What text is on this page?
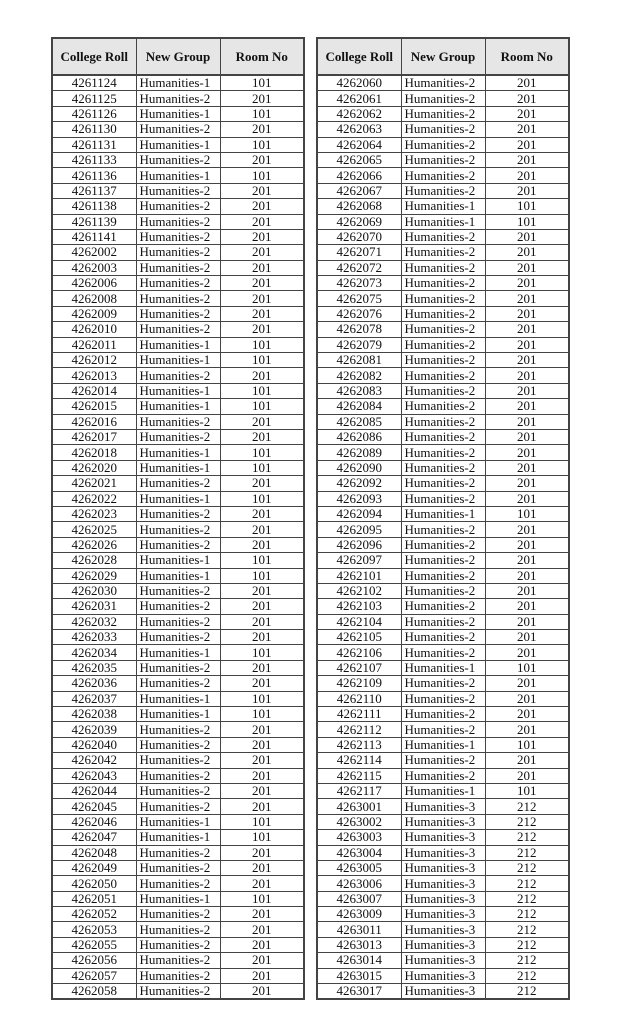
College Roll	New Group	Room No
4261124	Humanities-1	101
4261125	Humanities-2	201
4261126	Humanities-1	101
4261130	Humanities-2	201
4261131	Humanities-1	101
4261133	Humanities-2	201
4261136	Humanities-1	101
4261137	Humanities-2	201
4261138	Humanities-2	201
4261139	Humanities-2	201
4261141	Humanities-2	201
4262002	Humanities-2	201
4262003	Humanities-2	201
4262006	Humanities-2	201
4262008	Humanities-2	201
4262009	Humanities-2	201
4262010	Humanities-2	201
4262011	Humanities-1	101
4262012	Humanities-1	101
4262013	Humanities-2	201
4262014	Humanities-1	101
4262015	Humanities-1	101
4262016	Humanities-2	201
4262017	Humanities-2	201
4262018	Humanities-1	101
4262020	Humanities-1	101
4262021	Humanities-2	201
4262022	Humanities-1	101
4262023	Humanities-2	201
4262025	Humanities-2	201
4262026	Humanities-2	201
4262028	Humanities-1	101
4262029	Humanities-1	101
4262030	Humanities-2	201
4262031	Humanities-2	201
4262032	Humanities-2	201
4262033	Humanities-2	201
4262034	Humanities-1	101
4262035	Humanities-2	201
4262036	Humanities-2	201
4262037	Humanities-1	101
4262038	Humanities-1	101
4262039	Humanities-2	201
4262040	Humanities-2	201
4262042	Humanities-2	201
4262043	Humanities-2	201
4262044	Humanities-2	201
4262045	Humanities-2	201
4262046	Humanities-1	101
4262047	Humanities-1	101
4262048	Humanities-2	201
4262049	Humanities-2	201
4262050	Humanities-2	201
4262051	Humanities-1	101
4262052	Humanities-2	201
4262053	Humanities-2	201
4262055	Humanities-2	201
4262056	Humanities-2	201
4262057	Humanities-2	201
4262058	Humanities-2	201
College Roll	New Group	Room No
4262060	Humanities-2	201
4262061	Humanities-2	201
4262062	Humanities-2	201
4262063	Humanities-2	201
4262064	Humanities-2	201
4262065	Humanities-2	201
4262066	Humanities-2	201
4262067	Humanities-2	201
4262068	Humanities-1	101
4262069	Humanities-1	101
4262070	Humanities-2	201
4262071	Humanities-2	201
4262072	Humanities-2	201
4262073	Humanities-2	201
4262075	Humanities-2	201
4262076	Humanities-2	201
4262078	Humanities-2	201
4262079	Humanities-2	201
4262081	Humanities-2	201
4262082	Humanities-2	201
4262083	Humanities-2	201
4262084	Humanities-2	201
4262085	Humanities-2	201
4262086	Humanities-2	201
4262089	Humanities-2	201
4262090	Humanities-2	201
4262092	Humanities-2	201
4262093	Humanities-2	201
4262094	Humanities-1	101
4262095	Humanities-2	201
4262096	Humanities-2	201
4262097	Humanities-2	201
4262101	Humanities-2	201
4262102	Humanities-2	201
4262103	Humanities-2	201
4262104	Humanities-2	201
4262105	Humanities-2	201
4262106	Humanities-2	201
4262107	Humanities-1	101
4262109	Humanities-2	201
4262110	Humanities-2	201
4262111	Humanities-2	201
4262112	Humanities-2	201
4262113	Humanities-1	101
4262114	Humanities-2	201
4262115	Humanities-2	201
4262117	Humanities-1	101
4263001	Humanities-3	212
4263002	Humanities-3	212
4263003	Humanities-3	212
4263004	Humanities-3	212
4263005	Humanities-3	212
4263006	Humanities-3	212
4263007	Humanities-3	212
4263009	Humanities-3	212
4263011	Humanities-3	212
4263013	Humanities-3	212
4263014	Humanities-3	212
4263015	Humanities-3	212
4263017	Humanities-3	212
